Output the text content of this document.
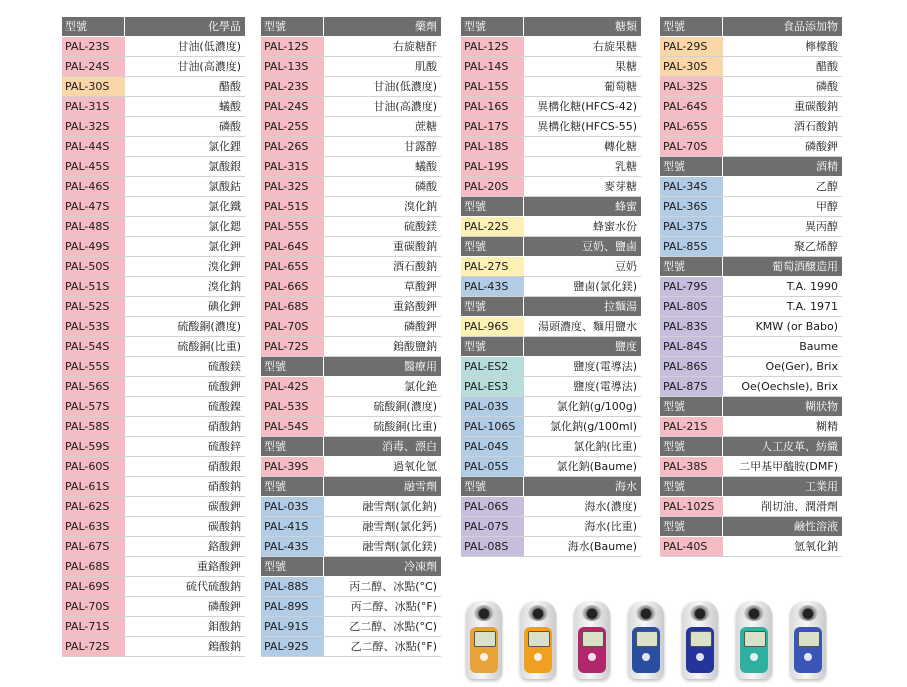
型號	化學品
PAL-23S	甘油(低濃度)
PAL-24S	甘油(高濃度)
PAL-30S	醋酸
PAL-31S	蟻酸
PAL-32S	磷酸
PAL-44S	氯化鋰
PAL-45S	氯酸銀
PAL-46S	氯酸鈷
PAL-47S	氯化鐵
PAL-48S	氯化鍶
PAL-49S	氯化鉀
PAL-50S	溴化鉀
PAL-51S	溴化鈉
PAL-52S	碘化鉀
PAL-53S	硫酸銅(濃度)
PAL-54S	硫酸銅(比重)
PAL-55S	硫酸鎂
PAL-56S	硫酸鉀
PAL-57S	硫酸鎳
PAL-58S	硝酸鈉
PAL-59S	硫酸鋅
PAL-60S	硝酸銀
PAL-61S	硝酸鈉
PAL-62S	碳酸鉀
PAL-63S	碳酸鈉
PAL-67S	鉻酸鉀
PAL-68S	重鉻酸鉀
PAL-69S	硫代硫酸鈉
PAL-70S	磷酸鉀
PAL-71S	鉬酸鈉
PAL-72S	鎢酸鈉
型號	藥劑
PAL-12S	右旋糖酐
PAL-13S	肌酸
PAL-23S	甘油(低濃度)
PAL-24S	甘油(高濃度)
PAL-25S	蔗糖
PAL-26S	甘露醇
PAL-31S	蟻酸
PAL-32S	磷酸
PAL-51S	溴化鈉
PAL-55S	硫酸鎂
PAL-64S	重碳酸鈉
PAL-65S	酒石酸鈉
PAL-66S	草酸鉀
PAL-68S	重鉻酸鉀
PAL-70S	磷酸鉀
PAL-72S	鎢酸鹽鈉
型號	醫療用
PAL-42S	氯化銫
PAL-53S	硫酸銅(濃度)
PAL-54S	硫酸銅(比重)
型號	消毒、漂白
PAL-39S	過氧化氫
型號	融雪劑
PAL-03S	融雪劑(氯化鈉)
PAL-41S	融雪劑(氯化鈣)
PAL-43S	融雪劑(氯化鎂)
型號	冷凍劑
PAL-88S	丙二醇、冰點(°C)
PAL-89S	丙二醇、冰點(°F)
PAL-91S	乙二醇、冰點(°C)
PAL-92S	乙二醇、冰點(°F)
型號	糖類
PAL-12S	右旋果糖
PAL-14S	果糖
PAL-15S	葡萄糖
PAL-16S	異構化糖(HFCS-42)
PAL-17S	異構化糖(HFCS-55)
PAL-18S	轉化糖
PAL-19S	乳糖
PAL-20S	麥芽糖
型號	蜂蜜
PAL-22S	蜂蜜水份
型號	豆奶、鹽鹵
PAL-27S	豆奶
PAL-43S	鹽鹵(氯化鎂)
型號	拉麵湯
PAL-96S	湯頭濃度、麵用鹽水
型號	鹽度
PAL-ES2	鹽度(電導法)
PAL-ES3	鹽度(電導法)
PAL-03S	氯化鈉(g/100g)
PAL-106S	氯化鈉(g/100ml)
PAL-04S	氯化鈉(比重)
PAL-05S	氯化鈉(Baume)
型號	海水
PAL-06S	海水(濃度)
PAL-07S	海水(比重)
PAL-08S	海水(Baume)
型號	食品添加物
PAL-29S	檸檬酸
PAL-30S	醋酸
PAL-32S	磷酸
PAL-64S	重碳酸鈉
PAL-65S	酒石酸鈉
PAL-70S	磷酸鉀
型號	酒精
PAL-34S	乙醇
PAL-36S	甲醇
PAL-37S	異丙醇
PAL-85S	聚乙烯醇
型號	葡萄酒醸造用
PAL-79S	T.A. 1990
PAL-80S	T.A. 1971
PAL-83S	KMW (or Babo)
PAL-84S	Baume
PAL-86S	Oe(Ger), Brix
PAL-87S	Oe(Oechsle), Brix
型號	糊狀物
PAL-21S	糊精
型號	人工皮革、紡織
PAL-38S	二甲基甲醯胺(DMF)
型號	工業用
PAL-102S	削切油、潤滑劑
型號	鹼性溶液
PAL-40S	氫氧化鈉
